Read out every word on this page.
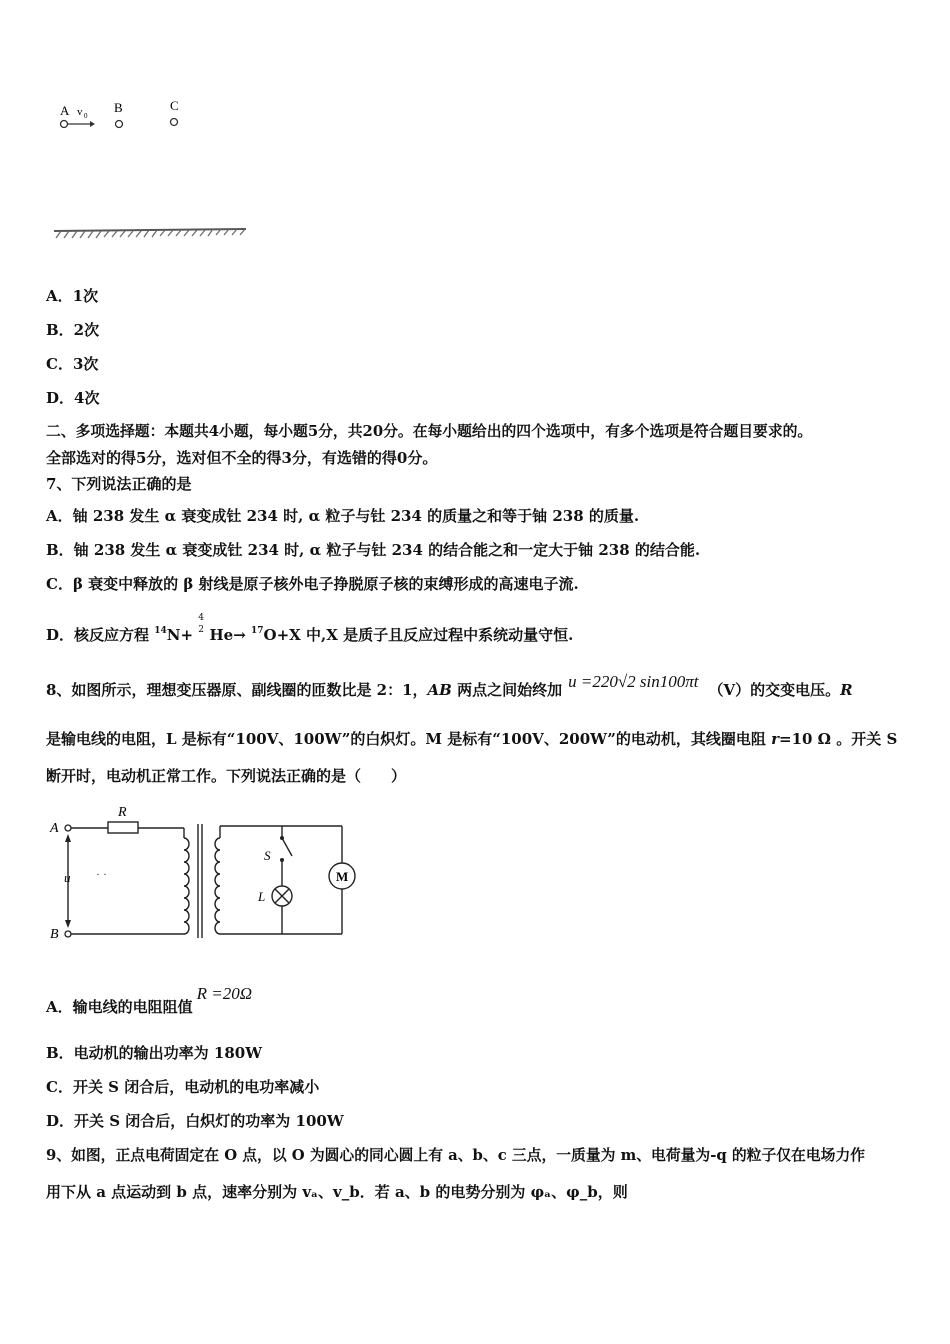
A v 0
B	C
A．1次
B．2次
C．3次
D．4次
二、多项选择题：本题共4小题，每小题5分，共20分。在每小题给出的四个选项中，有多个选项是符合题目要求的。
全部选对的得5分，选对但不全的得3分，有选错的得0分。
7、下列说法正确的是
A．铀 238 发生 α 衰变成钍 234 时, α 粒子与钍 234 的质量之和等于铀 238 的质量.
B．铀 238 发生 α 衰变成钍 234 时, α 粒子与钍 234 的结合能之和一定大于铀 238 的结合能.
C．β 衰变中释放的 β 射线是原子核外电子挣脱原子核的束缚形成的高速电子流.
D．核反应方程 $^{14}$N+
4
2 He→ $^{17}$O+X 中,X 是质子且反应过程中系统动量守恒.
8、如图所示，理想变压器原、副线圈的匝数比是 2：1，AB 两点之间始终加 u =220√2 sin100πt （V）的交变电压。R
是输电线的电阻，L 是标有“100V、100W”的白炽灯。M 是标有“100V、200W”的电动机，其线圈电阻 r=10 Ω 。开关 S
断开时，电动机正常工作。下列说法正确的是（　　）
R
A
B
u
S
L
M
· ·
A．输电线的电阻阻值R =20Ω
B．电动机的输出功率为 180W
C．开关 S 闭合后，电动机的电功率减小
D．开关 S 闭合后，白炽灯的功率为 100W
9、如图，正点电荷固定在 O 点，以 O 为圆心的同心圆上有 a、b、c 三点，一质量为 m、电荷量为-q 的粒子仅在电场力作
用下从 a 点运动到 b 点，速率分别为 vₐ、v_b．若 a、b 的电势分别为 φₐ、φ_b，则
